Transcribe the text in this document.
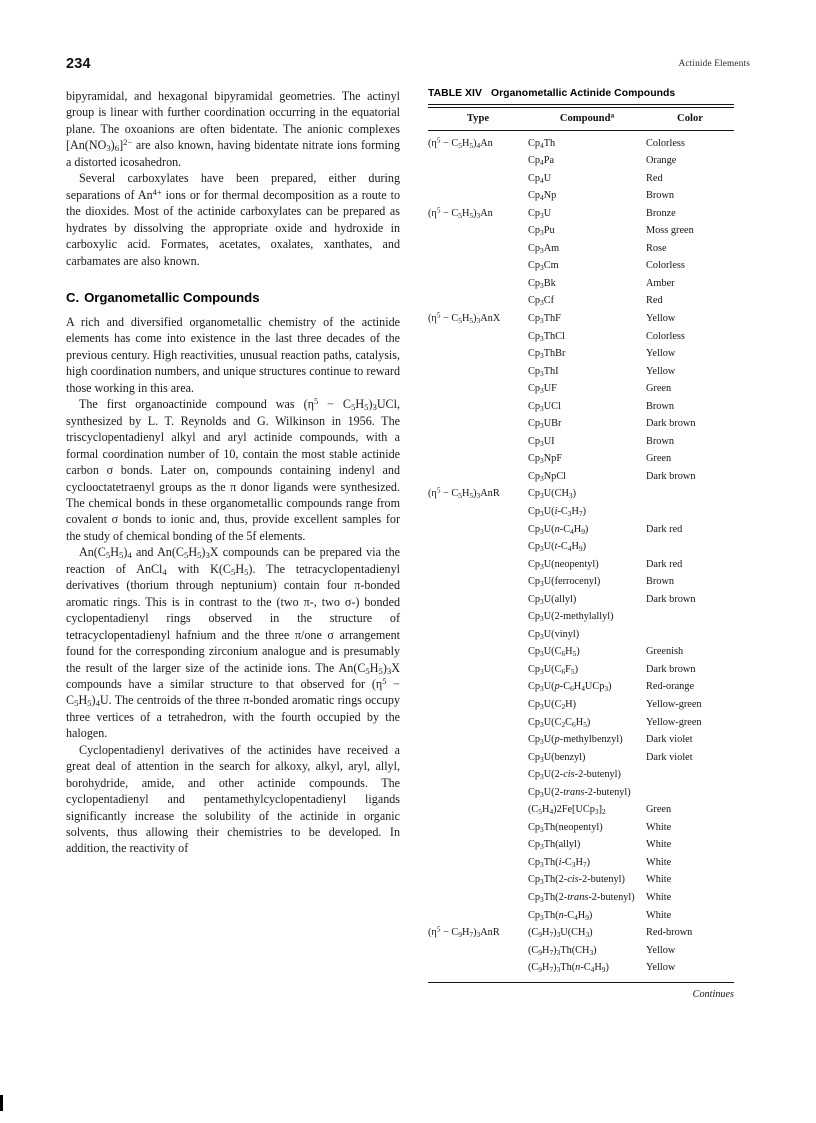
234	Actinide Elements

bipyramidal, and hexagonal bipyramidal geometries. The actinyl group is linear with further coordination occurring in the equatorial plane. The oxoanions are often bidentate. The anionic complexes $[An(NO_3)_6]^{2-}$ are also known, having bidentate nitrate ions forming a distorted icosahedron.

Several carboxylates have been prepared, either during separations of $An^{4+}$ ions or for thermal decomposition as a route to the dioxides. Most of the actinide carboxylates can be prepared as hydrates by dissolving the appropriate oxide and hydroxide in carboxylic acid. Formates, acetates, oxalates, xanthates, and carbamates are also known.

C. Organometallic Compounds

A rich and diversified organometallic chemistry of the actinide elements has come into existence in the last three decades of the previous century. High reactivities, unusual reaction paths, catalysis, high coordination numbers, and unique structures continue to reward those working in this area.

The first organoactinide compound was $(\eta^5 - C_5H_5)_3UCl$, synthesized by L. T. Reynolds and G. Wilkinson in 1956. The triscyclopentadienyl alkyl and aryl actinide compounds, with a formal coordination number of 10, contain the most stable actinide carbon σ bonds. Later on, compounds containing indenyl and cyclooctatetraenyl groups as the π donor ligands were synthesized. The chemical bonds in these organometallic compounds range from covalent σ bonds to ionic and, thus, provide excellent samples for the study of chemical bonding of the 5f elements.

$An(C_5H_5)_4$ and $An(C_5H_5)_3X$ compounds can be prepared via the reaction of AnCl$_4$ with $K(C_5H_5)$. The tetracyclopentadienyl derivatives (thorium through neptunium) contain four π-bonded aromatic rings. This is in contrast to the (two π-, two σ-) bonded cyclopentadienyl rings observed in the structure of tetracyclopentadienyl hafnium and the three π/one σ arrangement found for the corresponding zirconium analogue and is presumably the result of the larger size of the actinide ions. The $An(C_5H_5)_3X$ compounds have a similar structure to that observed for $(\eta^5 - C_5H_5)_4U$. The centroids of the three π-bonded aromatic rings occupy three vertices of a tetrahedron, with the fourth occupied by the halogen.

Cyclopentadienyl derivatives of the actinides have received a great deal of attention in the search for alkoxy, alkyl, aryl, allyl, borohydride, amide, and other actinide compounds. The cyclopentadienyl and pentamethylcyclopentadienyl ligands significantly increase the solubility of the actinide in organic solvents, thus allowing their chemistries to be developed. In addition, the reactivity of

TABLE XIV Organometallic Actinide Compounds
Type	Compound$^a$	Color
$(\eta^5 - C_5H_5)_4An$	$Cp_4Th$	Colorless
	$Cp_4Pa$	Orange
	$Cp_4U$	Red
	$Cp_4Np$	Brown
$(\eta^5 - C_5H_5)_3An$	$Cp_3U$	Bronze
	$Cp_3Pu$	Moss green
	$Cp_3Am$	Rose
	$Cp_3Cm$	Colorless
	$Cp_3Bk$	Amber
	$Cp_3Cf$	Red
$(\eta^5 - C_5H_5)_3AnX$	$Cp_3ThF$	Yellow
	$Cp_3ThCl$	Colorless
	$Cp_3ThBr$	Yellow
	$Cp_3ThI$	Yellow
	$Cp_3UF$	Green
	$Cp_3UCl$	Brown
	$Cp_3UBr$	Dark brown
	$Cp_3UI$	Brown
	$Cp_3NpF$	Green
	$Cp_3NpCl$	Dark brown
$(\eta^5 - C_5H_5)_3AnR$	$Cp_3U(CH_3)$	
	$Cp_3U(i-C_3H_7)$	
	$Cp_3U(n-C_4H_9)$	Dark red
	$Cp_3U(t-C_4H_9)$	
	$Cp_3U(neopentyl)$	Dark red
	$Cp_3U(ferrocenyl)$	Brown
	$Cp_3U(allyl)$	Dark brown
	$Cp_3U(2-methylallyl)$	
	$Cp_3U(vinyl)$	
	$Cp_3U(C_6H_5)$	Greenish
	$Cp_3U(C_6F_5)$	Dark brown
	$Cp_3U(p-C_6H_4UCp_3)$	Red-orange
	$Cp_3U(C_2H)$	Yellow-green
	$Cp_3U(C_2C_6H_5)$	Yellow-green
	$Cp_3U(p-methylbenzyl)$	Dark violet
	$Cp_3U(benzyl)$	Dark violet
	$Cp_3U(2-cis-2-butenyl)$	
	$Cp_3U(2-trans-2-butenyl)$	
	$(C_5H_4)2Fe[UCp_3]_2$	Green
	$Cp_3Th(neopentyl)$	White
	$Cp_3Th(allyl)$	White
	$Cp_3Th(i-C_3H_7)$	White
	$Cp_3Th(2-cis-2-butenyl)$	White
	$Cp_3Th(2-trans-2-butenyl)$	White
	$Cp_3Th(n-C_4H_9)$	White
$(\eta^5 - C_9H_7)_3AnR$	$(C_9H_7)_3U(CH_3)$	Red-brown
	$(C_9H_7)_3Th(CH_3)$	Yellow
	$(C_9H_7)_3Th(n-C_4H_9)$	Yellow
Continues
